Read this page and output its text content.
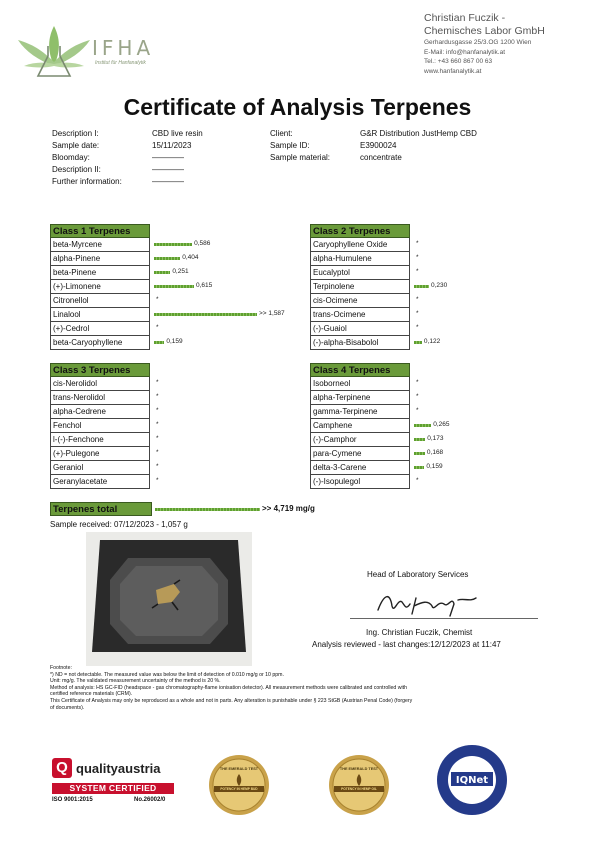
IFHA
Institut für Hanfanalytik
Christian Fuczik -
Chemisches Labor GmbH
Gerhardusgasse 25/3.OG 1200 Wien
E-Mail: info@hanfanalytik.at
Tel.: +43 660 867 00 63
www.hanfanalytik.at
Certificate of Analysis Terpenes
Description I:	CBD live resin
Sample date:	15/11/2023
Bloomday:	————
Description II:	————
Further information:	————
Client:	G&R Distribution JustHemp CBD
Sample ID:	E3900024
Sample material:	concentrate
Class 1 Terpenes
beta-Myrcene	0,586
alpha-Pinene	0,404
beta-Pinene	0,251
(+)-Limonene	0,615
Citronellol	*
Linalool	>> 1,587
(+)-Cedrol	*
beta-Caryophyllene	0,159
Class 2 Terpenes
Caryophyllene Oxide	*
alpha-Humulene	*
Eucalyptol	*
Terpinolene	0,230
cis-Ocimene	*
trans-Ocimene	*
(-)-Guaiol	*
(-)-alpha-Bisabolol	0,122
Class 3 Terpenes
cis-Nerolidol	*
trans-Nerolidol	*
alpha-Cedrene	*
Fenchol	*
l-(-)-Fenchone	*
(+)-Pulegone	*
Geraniol	*
Geranylacetate	*
Class 4 Terpenes
Isoborneol	*
alpha-Terpinene	*
gamma-Terpinene	*
Camphene	0,265
(-)-Camphor	0,173
para-Cymene	0,168
delta-3-Carene	0,159
(-)-Isopulegol	*
Terpenes total	>> 4,719 mg/g
Sample received: 07/12/2023 - 1,057 g
Head of Laboratory Services
Ing. Christian Fuczik, Chemist
Analysis reviewed - last changes:12/12/2023 at 11:47
Footnote:
*) ND = not detectable. The measured value was below the limit of detection of 0.010 mg/g or 10 ppm.
Unit: mg/g. The validated measurement uncertainty of the method is 20 %.
Method of analysis: HS GC-FID (headspace - gas chromatography-flame ionisation detector). All measurement methods were calibrated and controlled with
certified reference materials (CRM).
This Certificate of Analysis may only be reproduced as a whole and not in parts. Any alteration is punishable under § 223 StGB (Austrian Penal Code) (forgery
of documents).
Q qualityaustria
SYSTEM CERTIFIED
ISO 9001:2015	No.26002/0
THE EMERALD TEST
POTENCY IN HEMP BUD
THE EMERALD TEST
POTENCY IN HEMP OIL
IQNet
